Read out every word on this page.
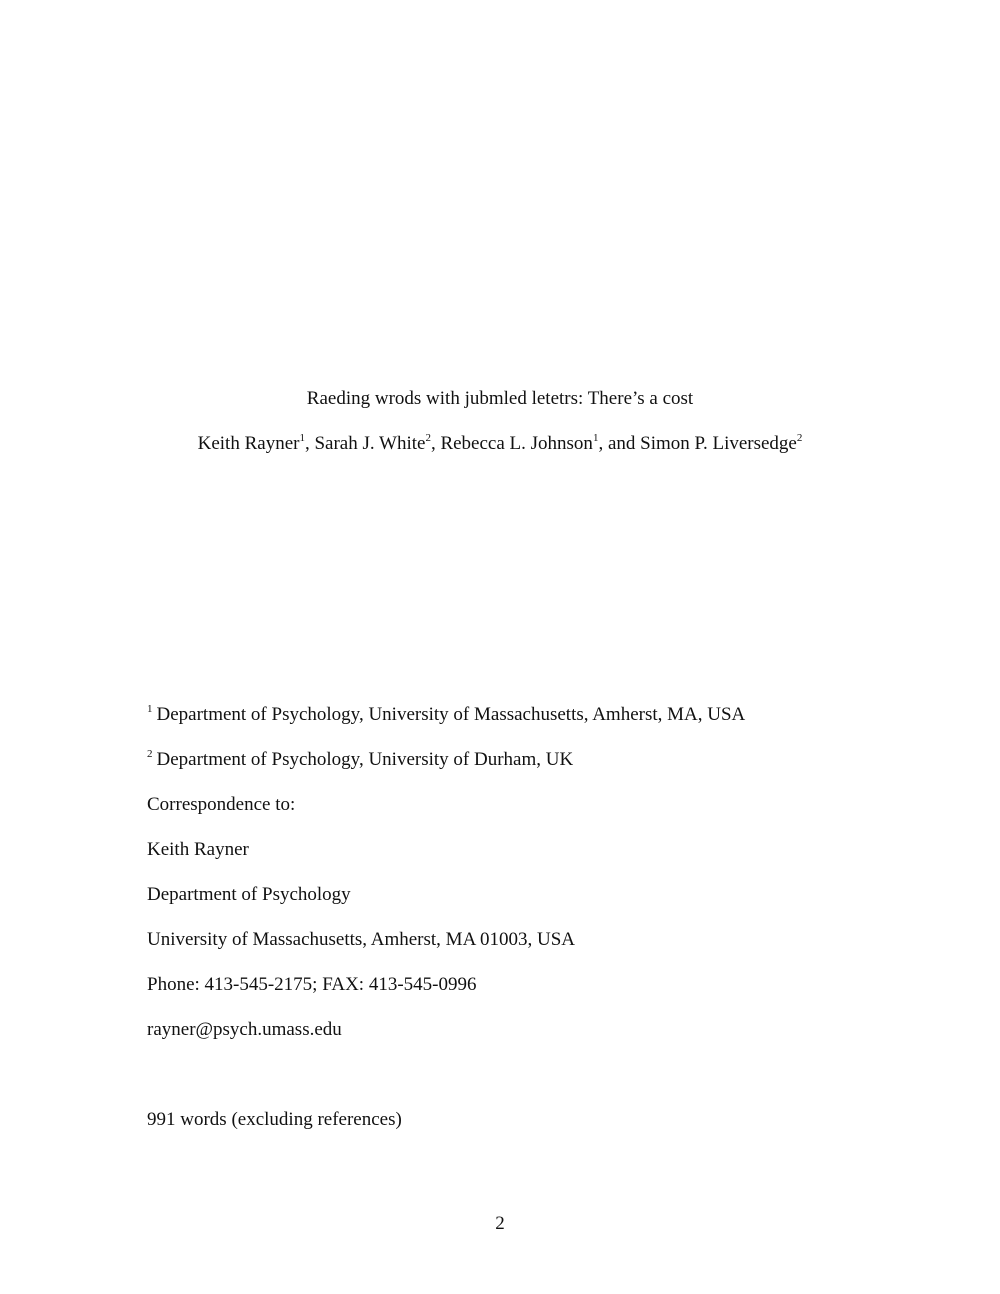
Raeding wrods with jubmled letetrs: There’s a cost
Keith Rayner$^1$, Sarah J. White$^2$, Rebecca L. Johnson$^1$, and Simon P. Liversedge$^2$
$^1$ Department of Psychology, University of Massachusetts, Amherst, MA, USA
$^2$ Department of Psychology, University of Durham, UK
Correspondence to:
Keith Rayner
Department of Psychology
University of Massachusetts, Amherst, MA 01003, USA
Phone: 413-545-2175; FAX: 413-545-0996
rayner@psych.umass.edu
991 words (excluding references)
2
